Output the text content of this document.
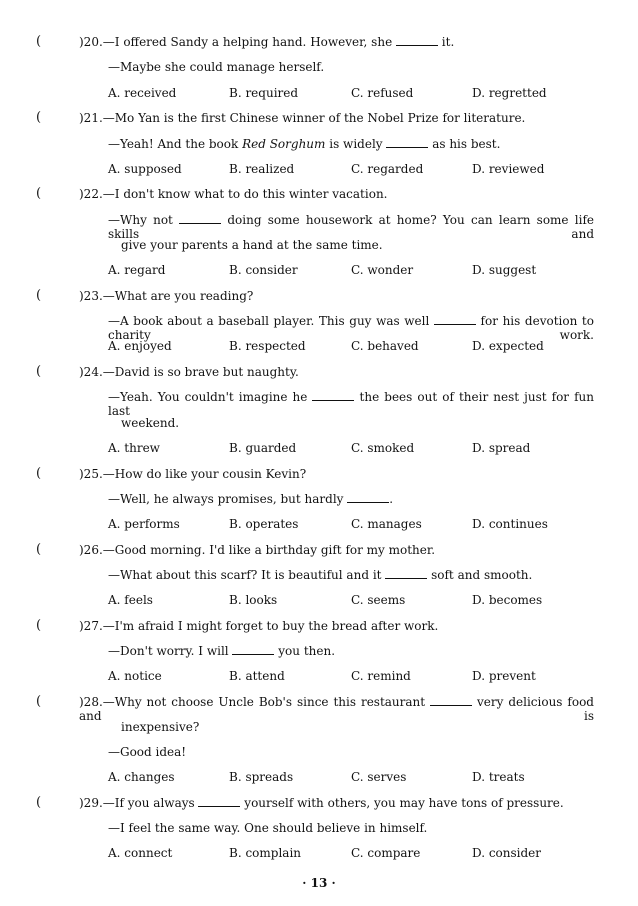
(	)20.—I offered Sandy a helping hand. However, she	it.
—Maybe she could manage herself.
A. received	B. required	C. refused	D. regretted
(	)21.—Mo Yan is the first Chinese winner of the Nobel Prize for literature.
—Yeah! And the book Red Sorghum is widely	as his best.
A. supposed	B. realized	C. regarded	D. reviewed
(	)22.—I don't know what to do this winter vacation.
—Why not	doing some housework at home? You can learn some life skills and
give your parents a hand at the same time.
A. regard	B. consider	C. wonder	D. suggest
(	)23.—What are you reading?
—A book about a baseball player. This guy was well	for his devotion to charity work.
A. enjoyed	B. respected	C. behaved	D. expected
(	)24.—David is so brave but naughty.
—Yeah. You couldn't imagine he	the bees out of their nest just for fun last
weekend.
A. threw	B. guarded	C. smoked	D. spread
(	)25.—How do like your cousin Kevin?
—Well, he always promises, but hardly	.
A. performs	B. operates	C. manages	D. continues
(	)26.—Good morning. I'd like a birthday gift for my mother.
—What about this scarf? It is beautiful and it	soft and smooth.
A. feels	B. looks	C. seems	D. becomes
(	)27.—I'm afraid I might forget to buy the bread after work.
—Don't worry. I will	you then.
A. notice	B. attend	C. remind	D. prevent
(	)28.—Why not choose Uncle Bob's since this restaurant	very delicious food and is
inexpensive?
—Good idea!
A. changes	B. spreads	C. serves	D. treats
(	)29.—If you always	yourself with others, you may have tons of pressure.
—I feel the same way. One should believe in himself.
A. connect	B. complain	C. compare	D. consider
· 13 ·
